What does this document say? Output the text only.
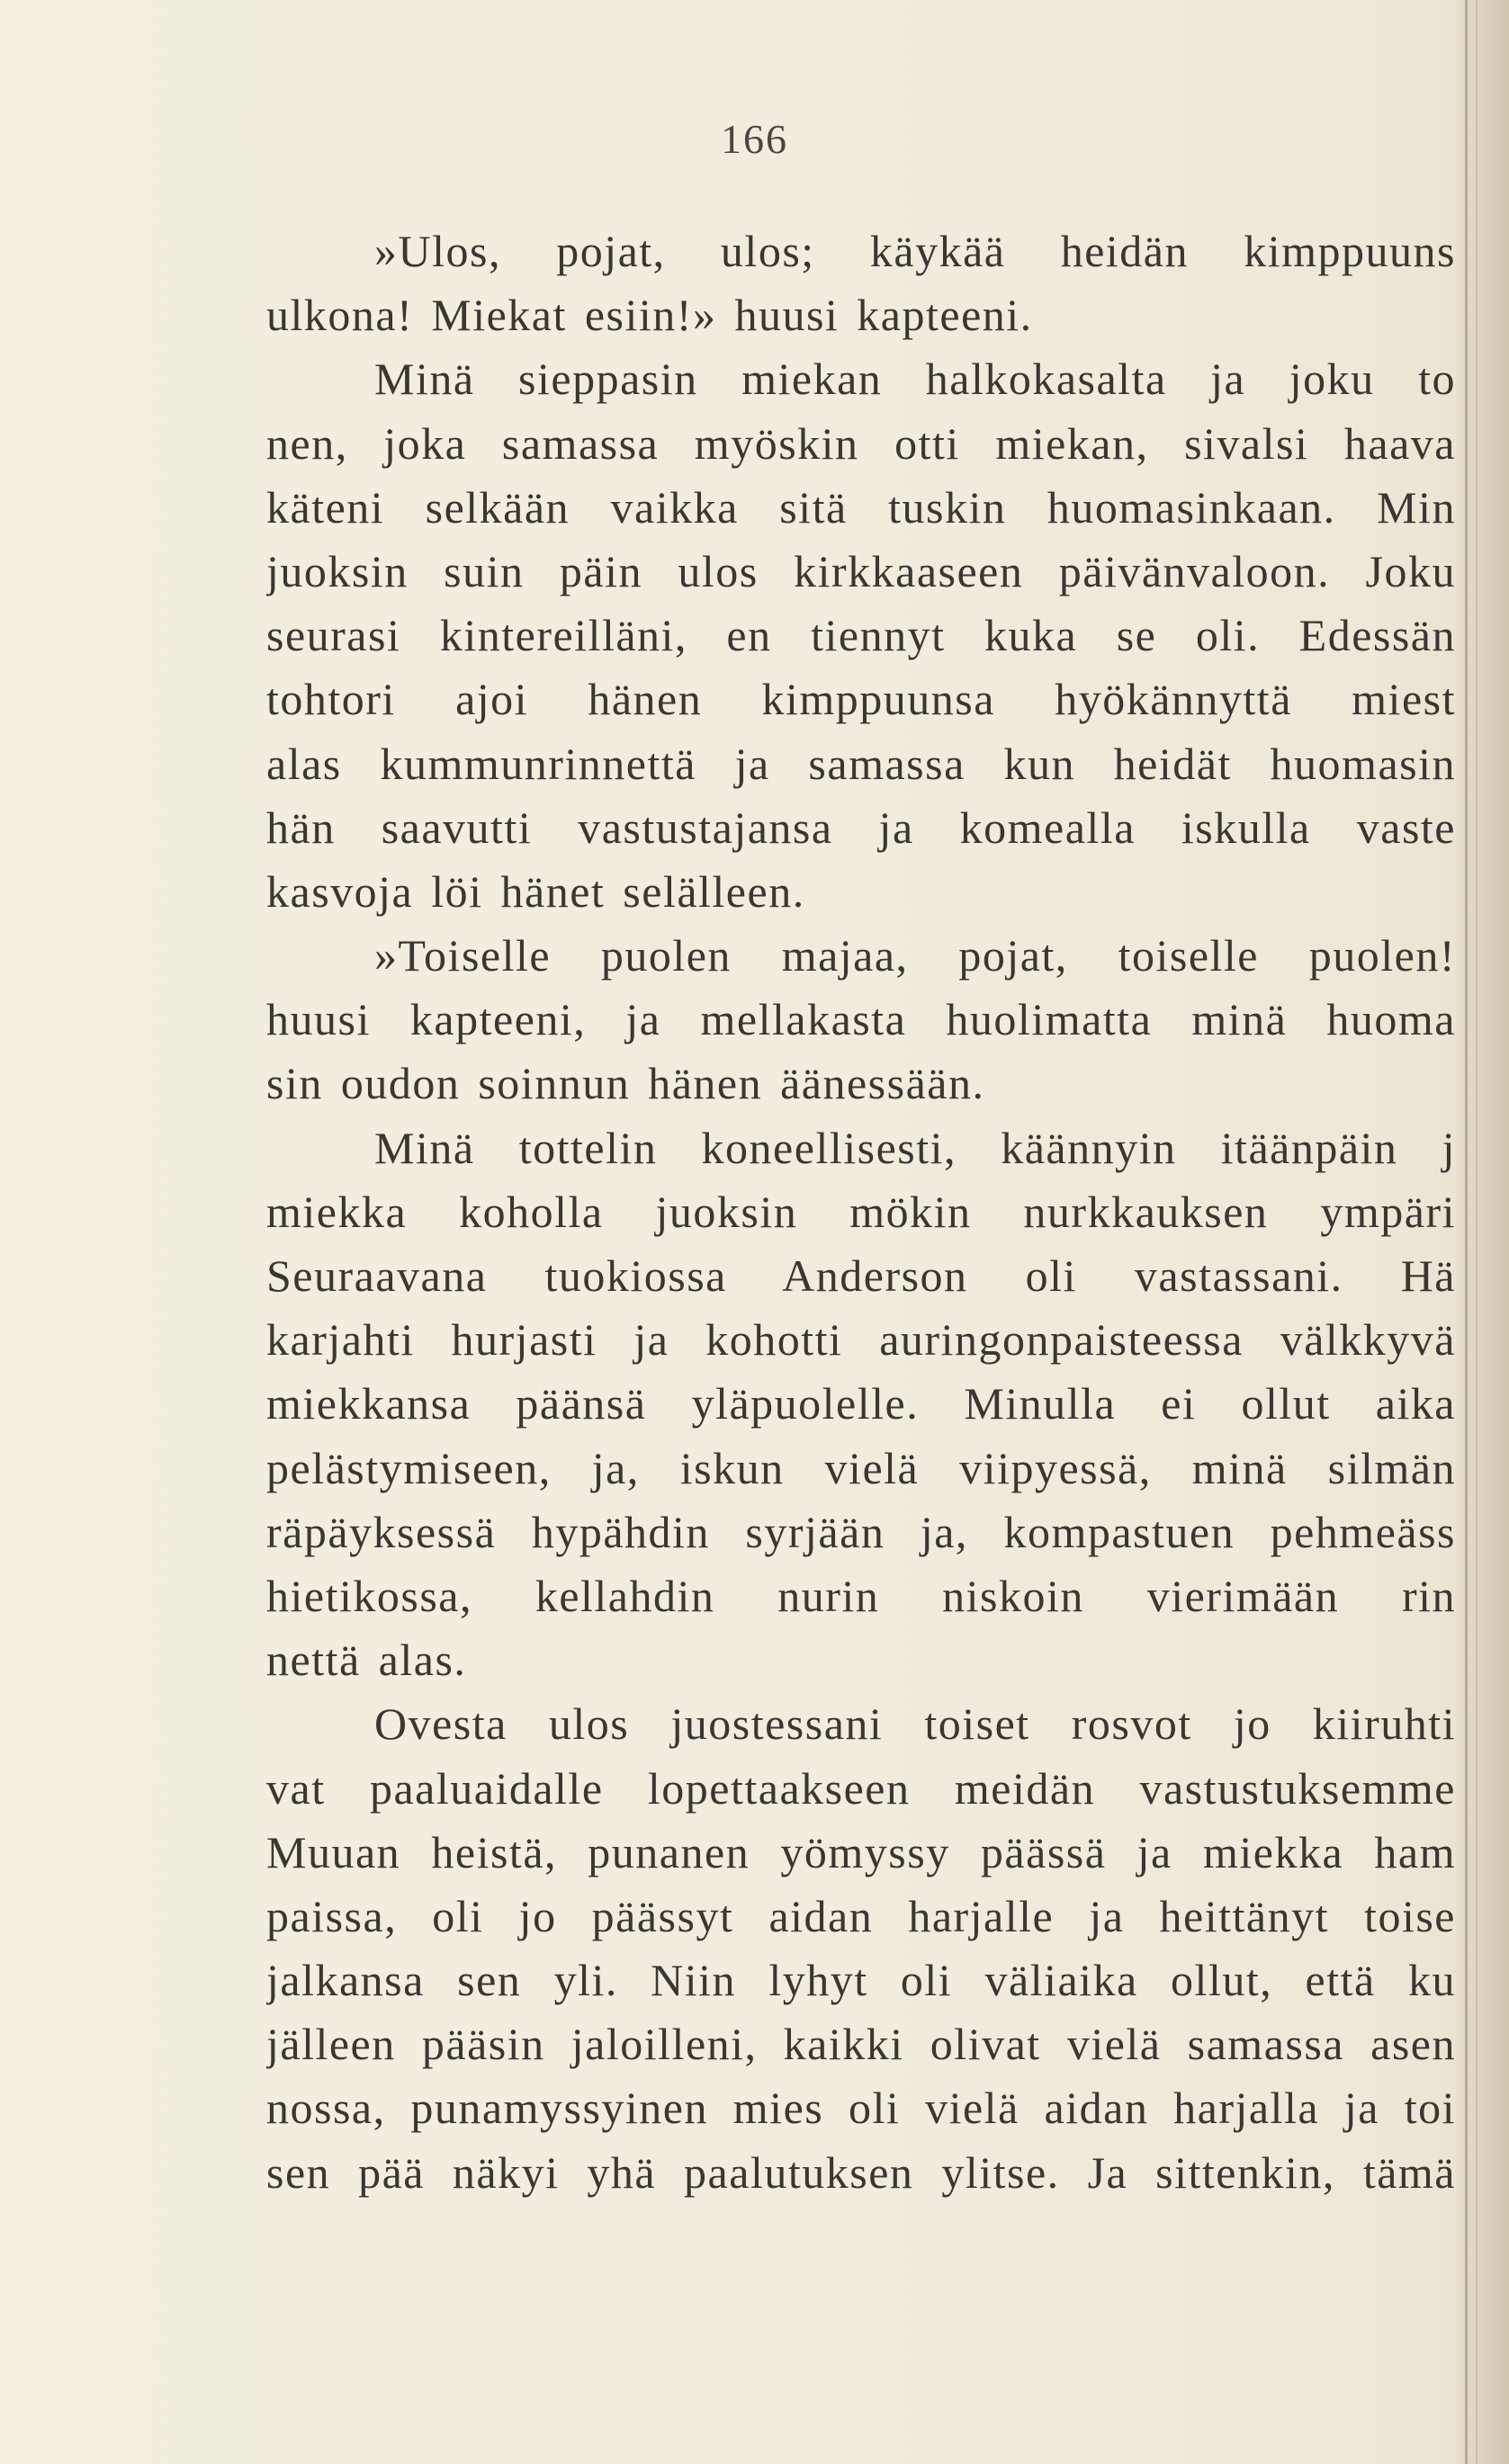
166
»Ulos, pojat, ulos; käykää heidän kimppuuns
ulkona! Miekat esiin!» huusi kapteeni.
Minä sieppasin miekan halkokasalta ja joku to
nen, joka samassa myöskin otti miekan, sivalsi haava
käteni selkään vaikka sitä tuskin huomasinkaan. Min
juoksin suin päin ulos kirkkaaseen päivänvaloon. Joku
seurasi kintereilläni, en tiennyt kuka se oli. Edessän
tohtori ajoi hänen kimppuunsa hyökännyttä miest
alas kummunrinnettä ja samassa kun heidät huomasin
hän saavutti vastustajansa ja komealla iskulla vaste
kasvoja löi hänet selälleen.
»Toiselle puolen majaa, pojat, toiselle puolen!
huusi kapteeni, ja mellakasta huolimatta minä huoma
sin oudon soinnun hänen äänessään.
Minä tottelin koneellisesti, käännyin itäänpäin j
miekka koholla juoksin mökin nurkkauksen ympäri
Seuraavana tuokiossa Anderson oli vastassani. Hä
karjahti hurjasti ja kohotti auringonpaisteessa välkkyvä
miekkansa päänsä yläpuolelle. Minulla ei ollut aika
pelästymiseen, ja, iskun vielä viipyessä, minä silmän
räpäyksessä hypähdin syrjään ja, kompastuen pehmeäss
hietikossa, kellahdin nurin niskoin vierimään rin
nettä alas.
Ovesta ulos juostessani toiset rosvot jo kiiruhti
vat paaluaidalle lopettaakseen meidän vastustuksemme
Muuan heistä, punanen yömyssy päässä ja miekka ham
paissa, oli jo päässyt aidan harjalle ja heittänyt toise
jalkansa sen yli. Niin lyhyt oli väliaika ollut, että ku
jälleen pääsin jaloilleni, kaikki olivat vielä samassa asen
nossa, punamyssyinen mies oli vielä aidan harjalla ja toi
sen pää näkyi yhä paalutuksen ylitse. Ja sittenkin, tämä
